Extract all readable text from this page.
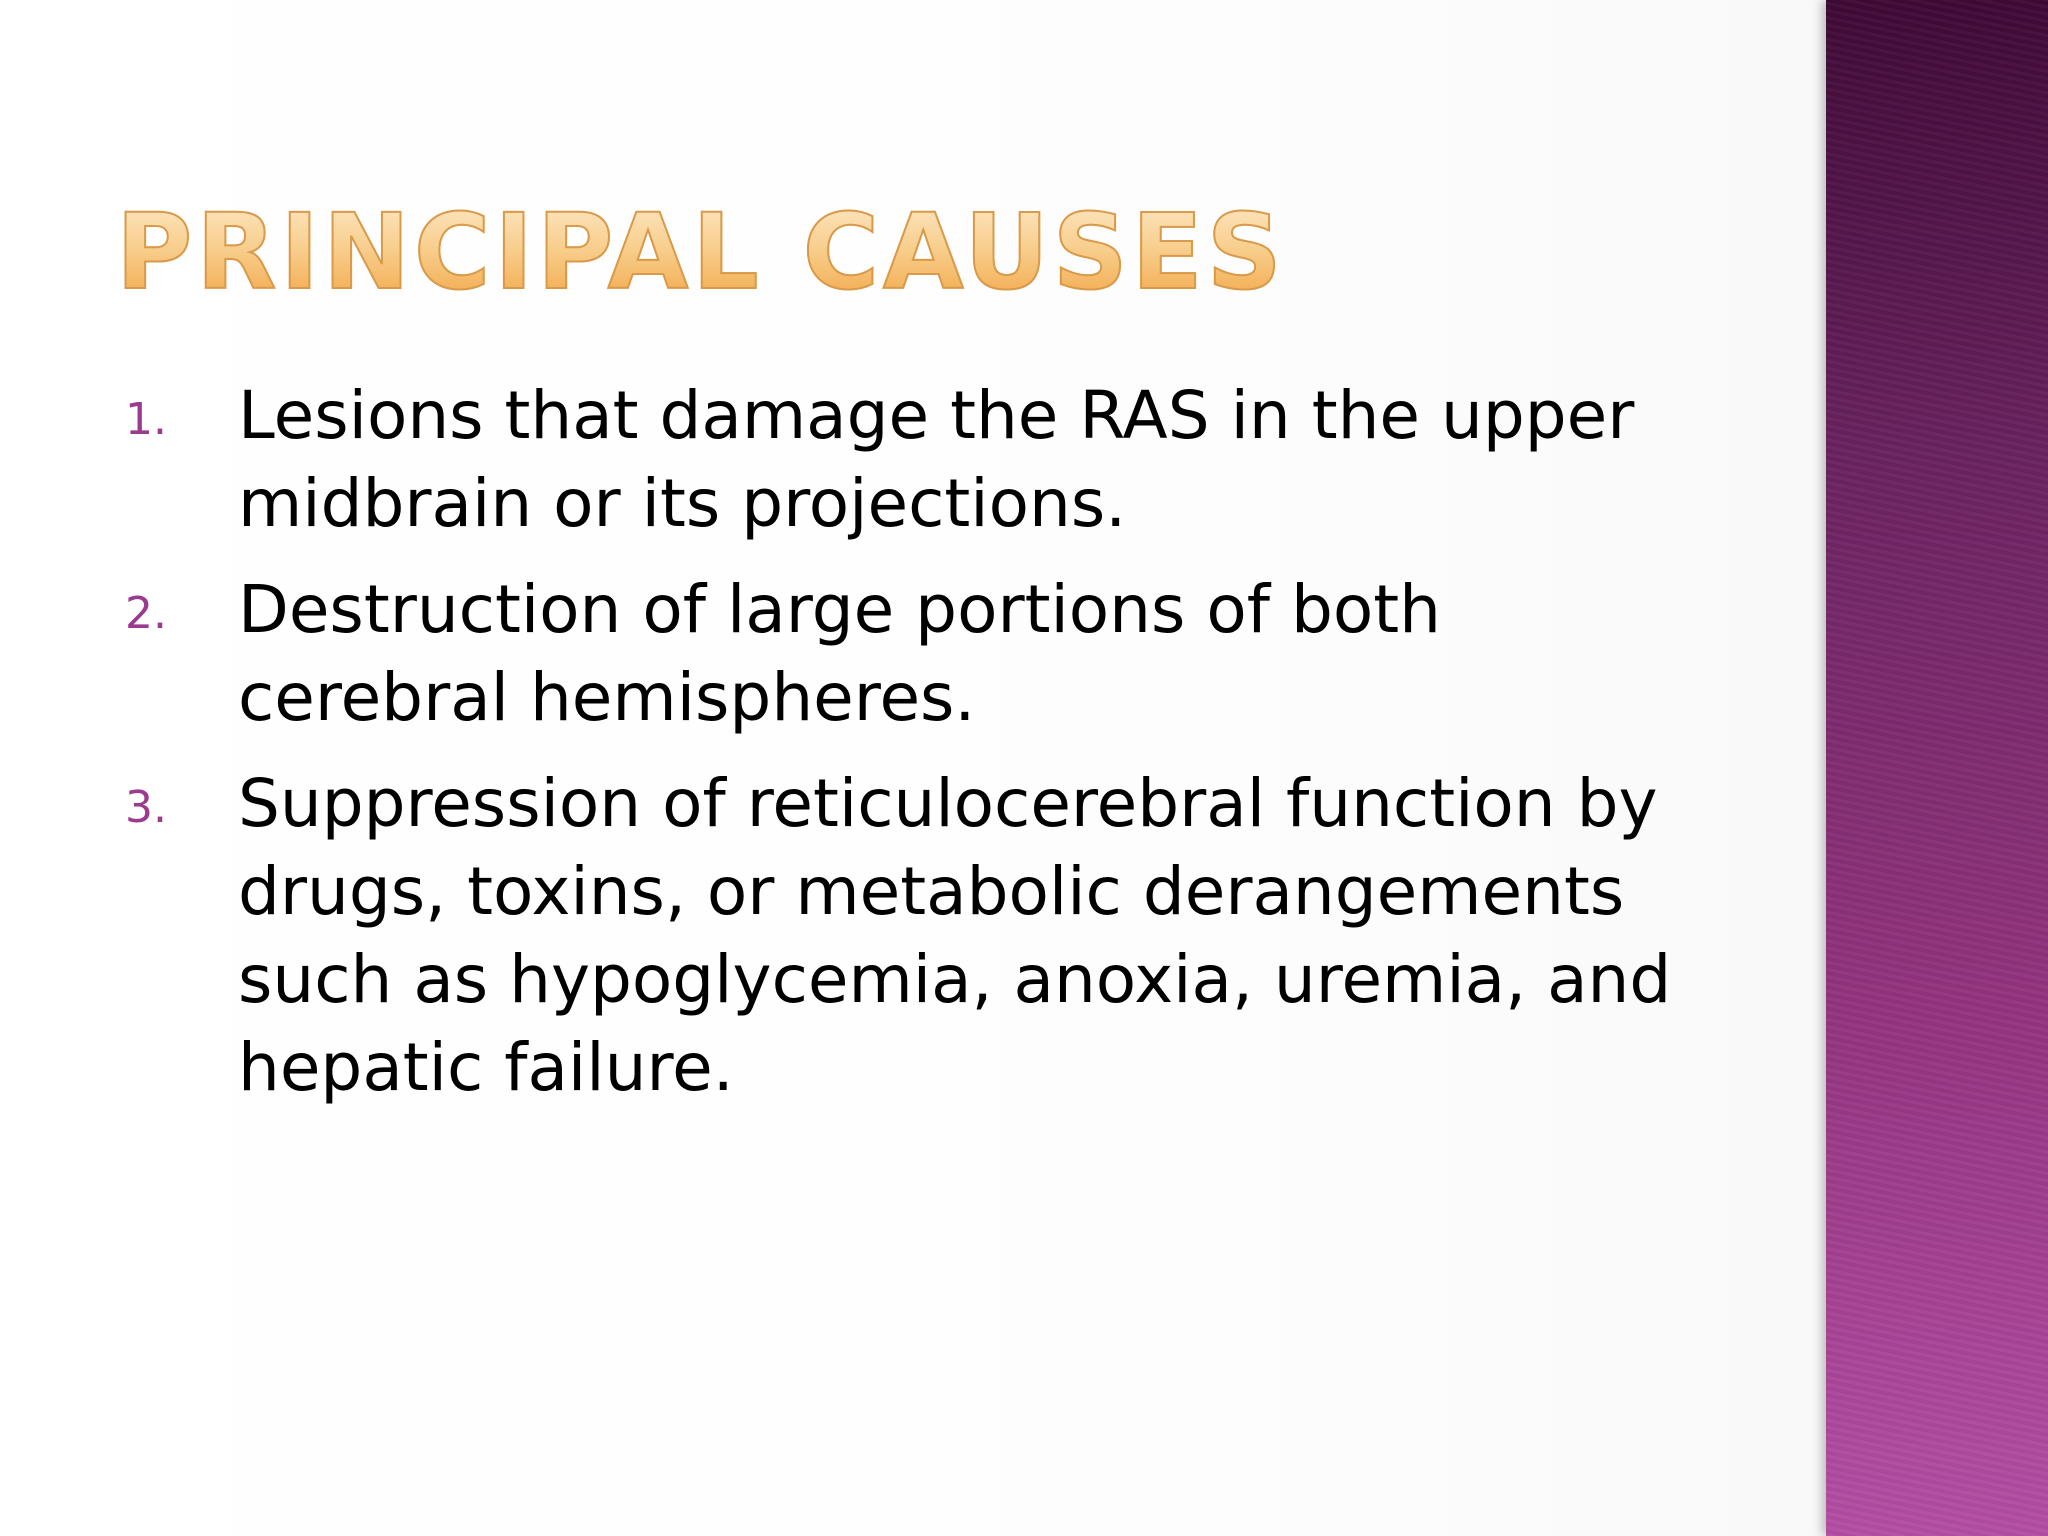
PRINCIPAL CAUSES
1. Lesions that damage the RAS in the upper midbrain or its projections.
2. Destruction of large portions of both cerebral hemispheres.
3. Suppression of reticulocerebral function by drugs, toxins, or metabolic derangements such as hypoglycemia, anoxia, uremia, and hepatic failure.
